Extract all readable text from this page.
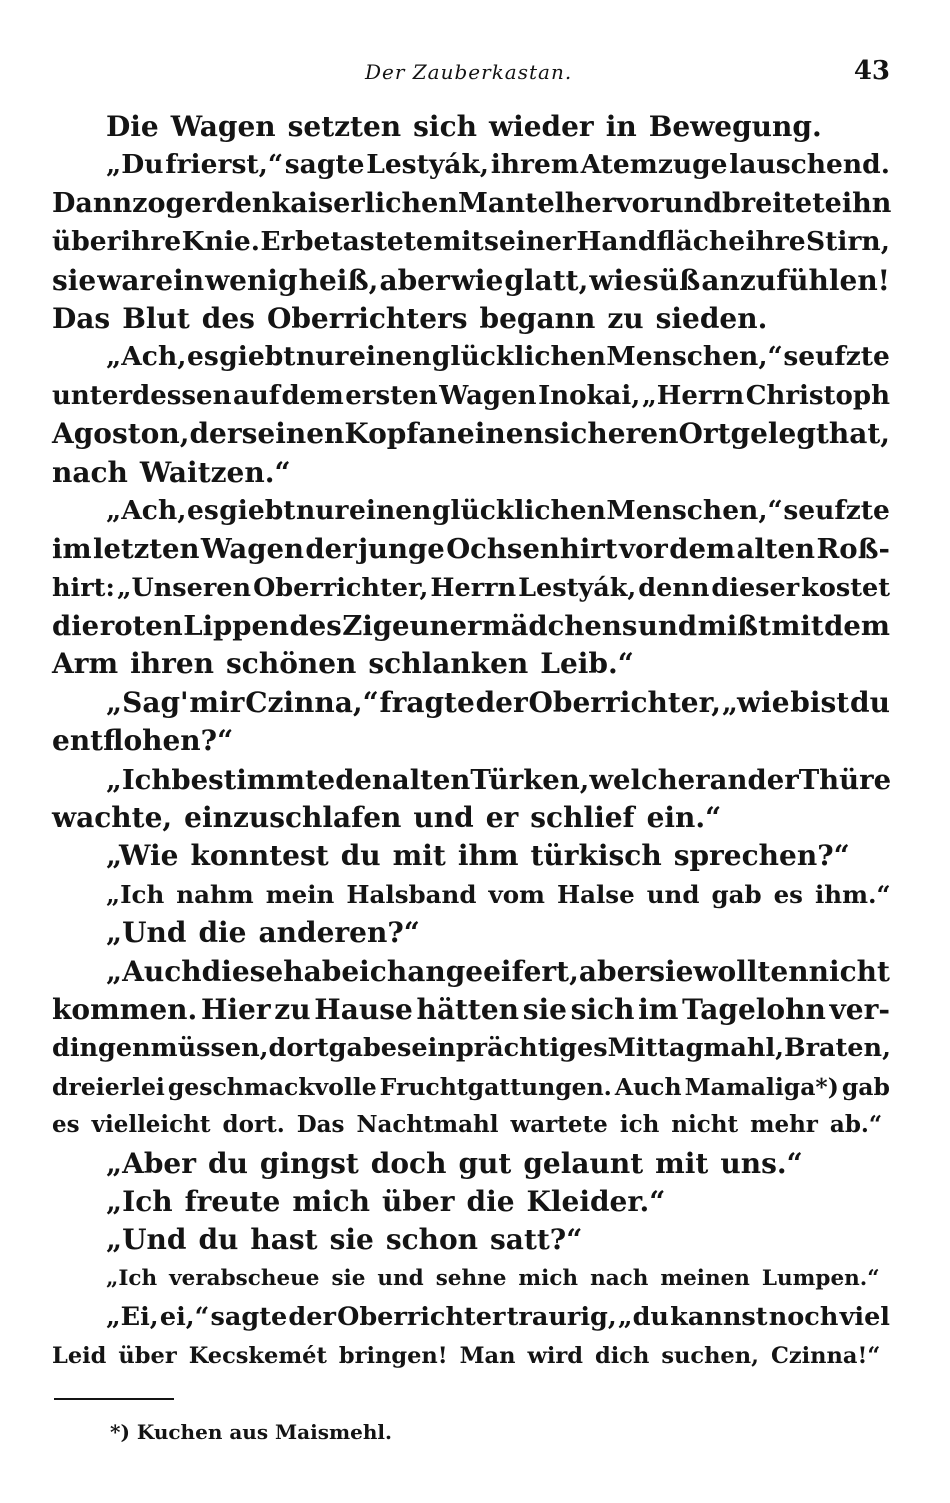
Der Zauberkastan.	43
Die Wagen setzten sich wieder in Bewegung.
„Du frierst,“ sagte Lestyák, ihrem Atemzuge lauschend.
Dann zog er den kaiserlichen Mantel hervor und breitete ihn
über ihre Knie. Er betastete mit seiner Handfläche ihre Stirn,
sie war ein wenig heiß, aber wie glatt, wie süß anzufühlen!
Das Blut des Oberrichters begann zu sieden.
„Ach, es giebt nur einen glücklichen Menschen,“ seufzte
unterdessen auf dem ersten Wagen Inokai, „Herrn Christoph
Agoston, der seinen Kopf an einen sicheren Ort gelegt hat,
nach Waitzen.“
„Ach, es giebt nur einen glücklichen Menschen,“ seufzte
im letzten Wagen der junge Ochsenhirt vor dem alten Roß-
hirt: „Unseren Oberrichter, Herrn Lestyák, denn dieser kostet
die roten Lippen des Zigeunermädchens und mißt mit dem
Arm ihren schönen schlanken Leib.“
„Sag' mir Czinna,“ fragte der Oberrichter, „wie bist du
entflohen?“
„Ich bestimmte den alten Türken, welcher an der Thüre
wachte, einzuschlafen und er schlief ein.“
„Wie konntest du mit ihm türkisch sprechen?“
„Ich nahm mein Halsband vom Halse und gab es ihm.“
„Und die anderen?“
„Auch diese habe ich angeeifert, aber sie wollten nicht
kommen. Hier zu Hause hätten sie sich im Tagelohn ver-
dingen müssen, dort gab es ein prächtiges Mittagmahl, Braten,
dreierlei geschmackvolle Fruchtgattungen. Auch Mamaliga*) gab
es vielleicht dort. Das Nachtmahl wartete ich nicht mehr ab.“
„Aber du gingst doch gut gelaunt mit uns.“
„Ich freute mich über die Kleider.“
„Und du hast sie schon satt?“
„Ich verabscheue sie und sehne mich nach meinen Lumpen.“
„Ei, ei,“ sagte der Oberrichter traurig, „du kannst noch viel
Leid über Kecskemét bringen! Man wird dich suchen, Czinna!“
*) Kuchen aus Maismehl.
